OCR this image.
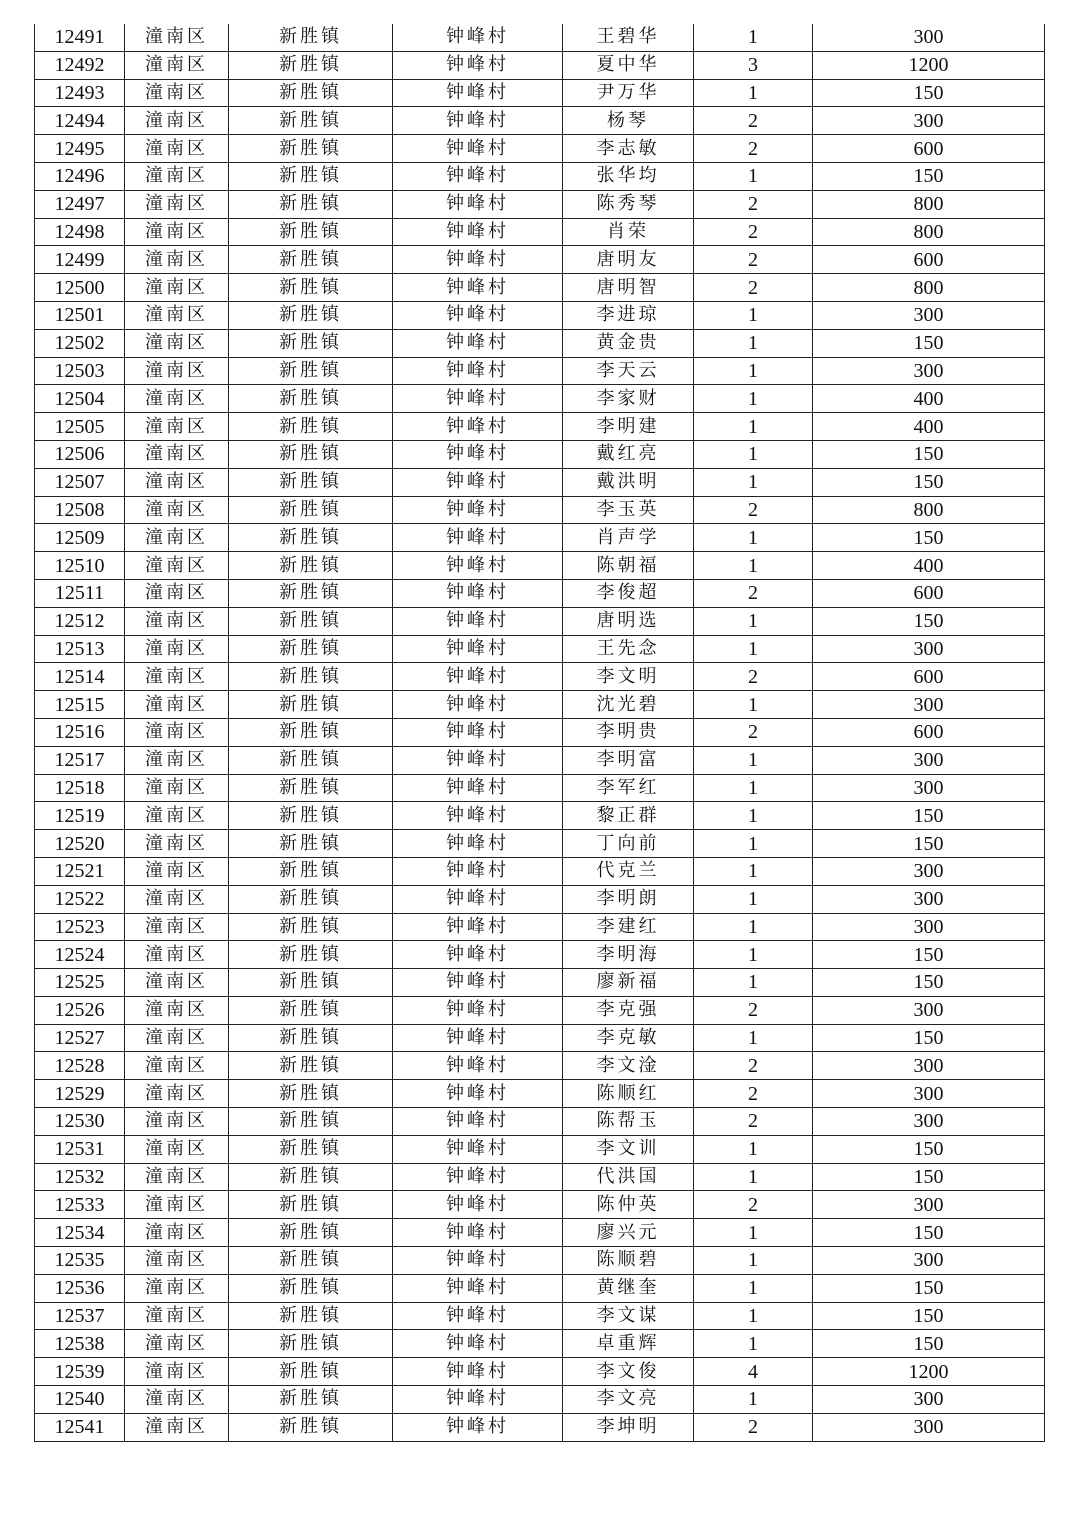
12491	潼南区	新胜镇	钟峰村	王碧华	1	300
12492	潼南区	新胜镇	钟峰村	夏中华	3	1200
12493	潼南区	新胜镇	钟峰村	尹万华	1	150
12494	潼南区	新胜镇	钟峰村	杨琴	2	300
12495	潼南区	新胜镇	钟峰村	李志敏	2	600
12496	潼南区	新胜镇	钟峰村	张华均	1	150
12497	潼南区	新胜镇	钟峰村	陈秀琴	2	800
12498	潼南区	新胜镇	钟峰村	肖荣	2	800
12499	潼南区	新胜镇	钟峰村	唐明友	2	600
12500	潼南区	新胜镇	钟峰村	唐明智	2	800
12501	潼南区	新胜镇	钟峰村	李进琼	1	300
12502	潼南区	新胜镇	钟峰村	黄金贵	1	150
12503	潼南区	新胜镇	钟峰村	李天云	1	300
12504	潼南区	新胜镇	钟峰村	李家财	1	400
12505	潼南区	新胜镇	钟峰村	李明建	1	400
12506	潼南区	新胜镇	钟峰村	戴红亮	1	150
12507	潼南区	新胜镇	钟峰村	戴洪明	1	150
12508	潼南区	新胜镇	钟峰村	李玉英	2	800
12509	潼南区	新胜镇	钟峰村	肖声学	1	150
12510	潼南区	新胜镇	钟峰村	陈朝福	1	400
12511	潼南区	新胜镇	钟峰村	李俊超	2	600
12512	潼南区	新胜镇	钟峰村	唐明选	1	150
12513	潼南区	新胜镇	钟峰村	王先念	1	300
12514	潼南区	新胜镇	钟峰村	李文明	2	600
12515	潼南区	新胜镇	钟峰村	沈光碧	1	300
12516	潼南区	新胜镇	钟峰村	李明贵	2	600
12517	潼南区	新胜镇	钟峰村	李明富	1	300
12518	潼南区	新胜镇	钟峰村	李军红	1	300
12519	潼南区	新胜镇	钟峰村	黎正群	1	150
12520	潼南区	新胜镇	钟峰村	丁向前	1	150
12521	潼南区	新胜镇	钟峰村	代克兰	1	300
12522	潼南区	新胜镇	钟峰村	李明朗	1	300
12523	潼南区	新胜镇	钟峰村	李建红	1	300
12524	潼南区	新胜镇	钟峰村	李明海	1	150
12525	潼南区	新胜镇	钟峰村	廖新福	1	150
12526	潼南区	新胜镇	钟峰村	李克强	2	300
12527	潼南区	新胜镇	钟峰村	李克敏	1	150
12528	潼南区	新胜镇	钟峰村	李文淦	2	300
12529	潼南区	新胜镇	钟峰村	陈顺红	2	300
12530	潼南区	新胜镇	钟峰村	陈帮玉	2	300
12531	潼南区	新胜镇	钟峰村	李文训	1	150
12532	潼南区	新胜镇	钟峰村	代洪国	1	150
12533	潼南区	新胜镇	钟峰村	陈仲英	2	300
12534	潼南区	新胜镇	钟峰村	廖兴元	1	150
12535	潼南区	新胜镇	钟峰村	陈顺碧	1	300
12536	潼南区	新胜镇	钟峰村	黄继奎	1	150
12537	潼南区	新胜镇	钟峰村	李文谋	1	150
12538	潼南区	新胜镇	钟峰村	卓重辉	1	150
12539	潼南区	新胜镇	钟峰村	李文俊	4	1200
12540	潼南区	新胜镇	钟峰村	李文亮	1	300
12541	潼南区	新胜镇	钟峰村	李坤明	2	300
